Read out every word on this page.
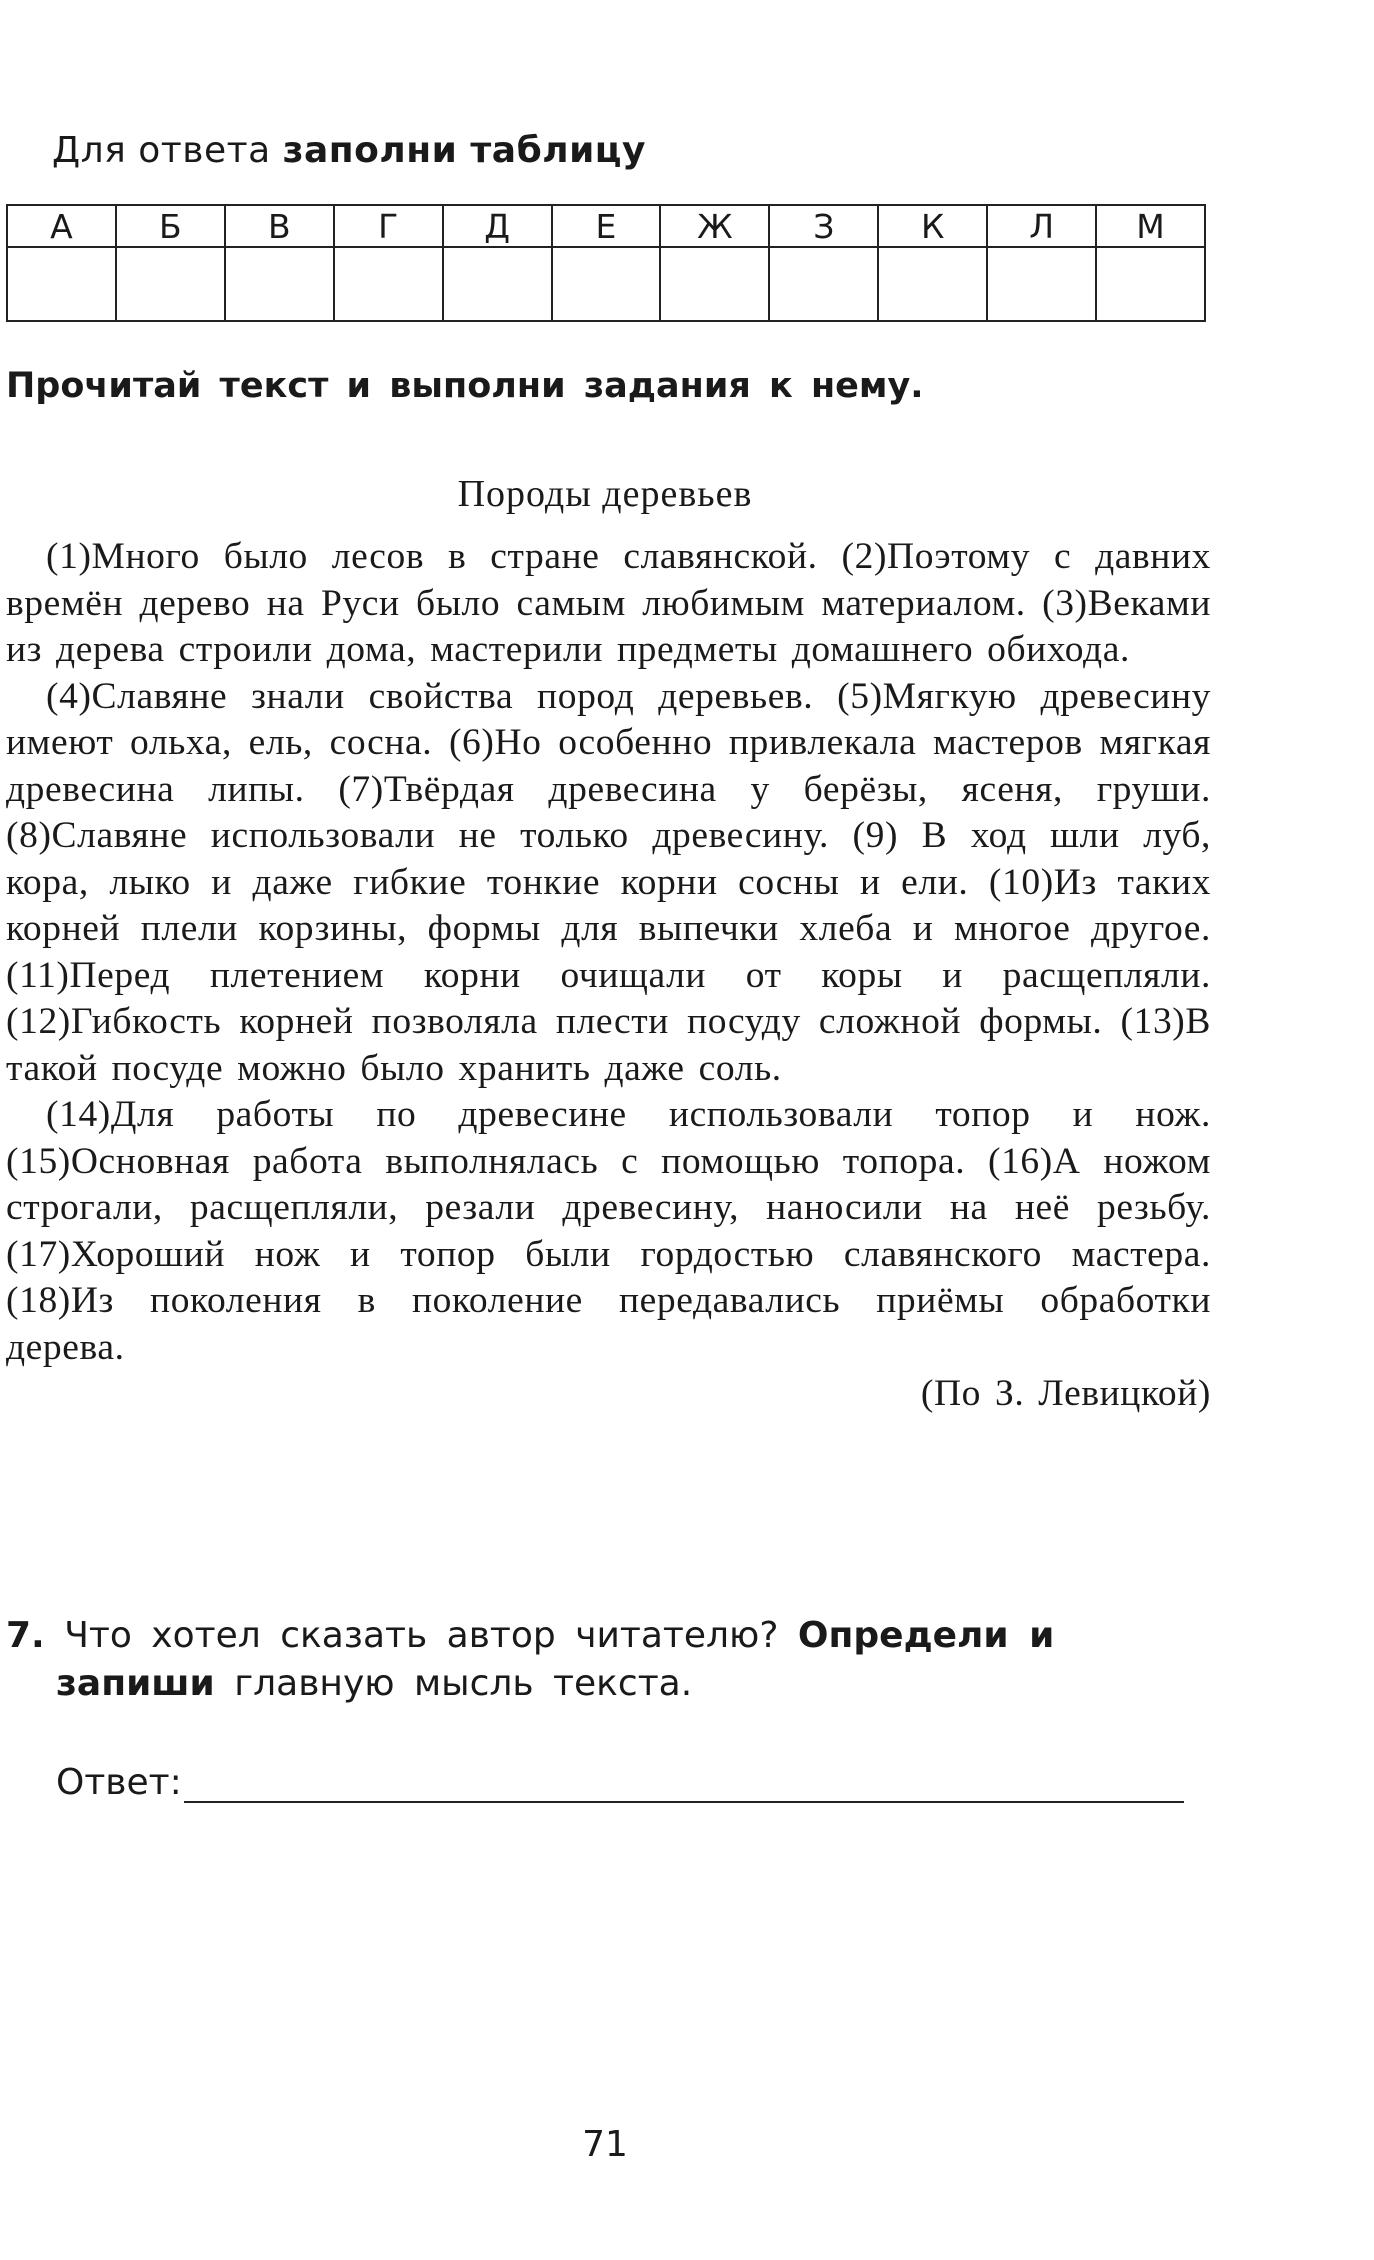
Для ответа заполни таблицу
А	Б	В	Г	Д	Е	Ж	З	К	Л	М

Прочитай текст и выполни задания к нему.
Породы деревьев

(1)Много было лесов в стране славянской. (2)Поэтому с давних времён дерево на Руси было самым любимым материалом. (3)Веками из дерева строили дома, мастерили предметы домашнего обихода.

(4)Славяне знали свойства пород деревьев. (5)Мягкую древесину имеют ольха, ель, сосна. (6)Но особенно привлекала мастеров мягкая древесина липы. (7)Твёрдая древесина у берёзы, ясеня, груши. (8)Славяне использовали не только древесину. (9) В ход шли луб, кора, лыко и даже гибкие тонкие корни сосны и ели. (10)Из таких корней плели корзины, формы для выпечки хлеба и многое другое. (11)Перед плетением корни очищали от коры и расщепляли. (12)Гибкость корней позволяла плести посуду сложной формы. (13)В такой посуде можно было хранить даже соль.

(14)Для работы по древесине использовали топор и нож. (15)Основная работа выполнялась с помощью топора. (16)А ножом строгали, расщепляли, резали древесину, наносили на неё резьбу. (17)Хороший нож и топор были гордостью славянского мастера. (18)Из поколения в поколение передавались приёмы обработки дерева.

(По З. Левицкой)

7. Что хотел сказать автор читателю? Определи и запиши главную мысль текста.
Ответ:
71
